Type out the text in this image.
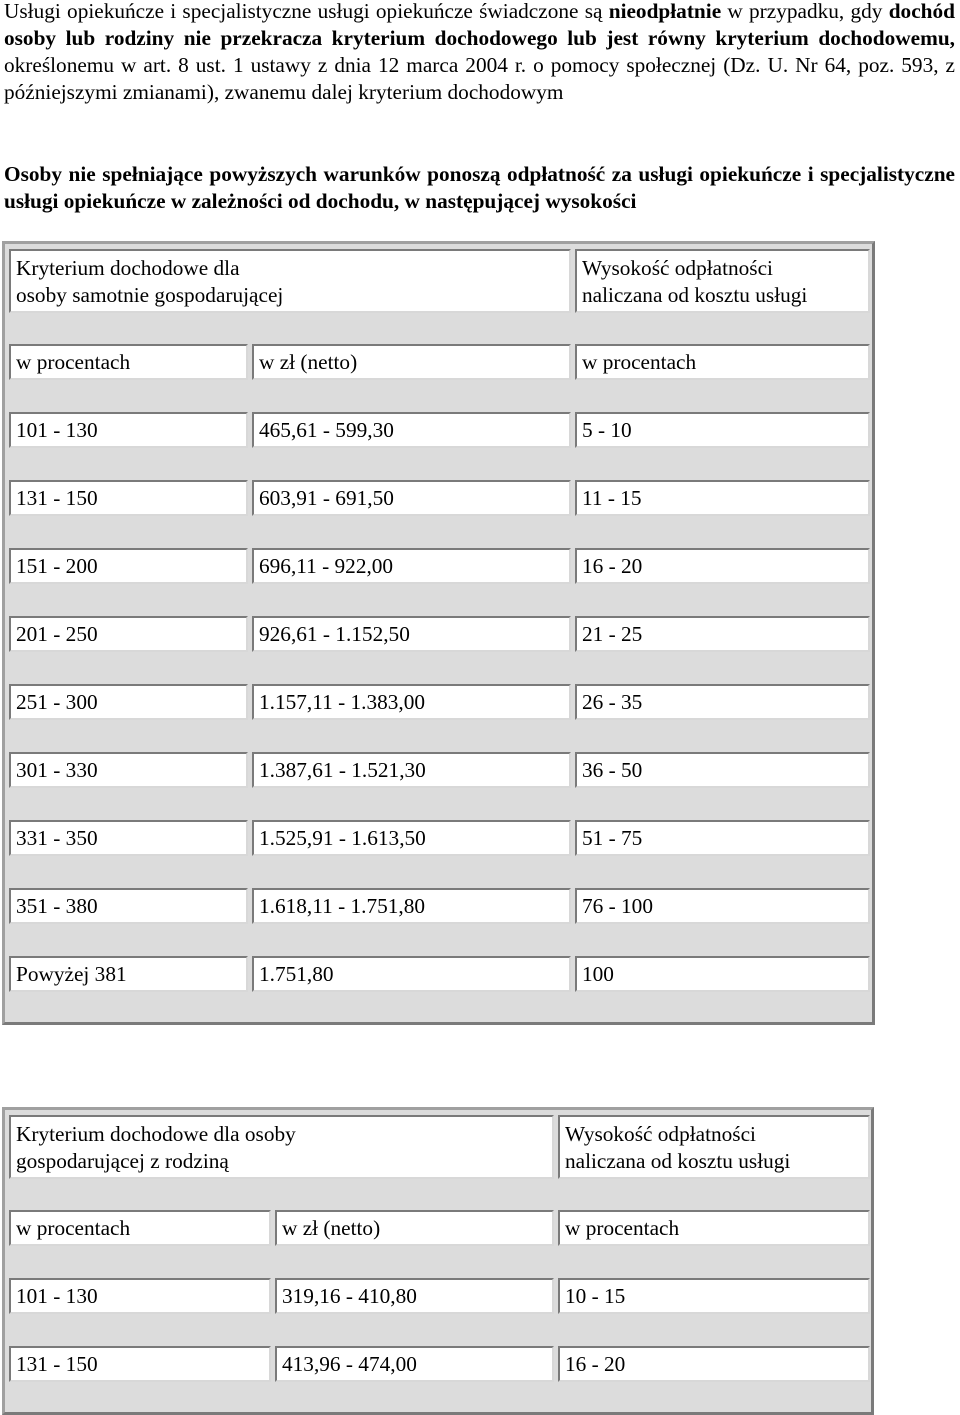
Usługi opiekuńcze i specjalistyczne usługi opiekuńcze świadczone są nieodpłatnie w przypadku, gdy dochód osoby lub rodziny nie przekracza kryterium dochodowego lub jest równy kryterium dochodowemu, określonemu w art. 8 ust. 1 ustawy z dnia 12 marca 2004 r. o pomocy społecznej (Dz. U. Nr 64, poz. 593, z późniejszymi zmianami), zwanemu dalej kryterium dochodowym

Osoby nie spełniające powyższych warunków ponoszą odpłatność za usługi opiekuńcze i specjalistyczne usługi opiekuńcze w zależności od dochodu, w następującej wysokości

Kryterium dochodowe dla
osoby samotnie gospodarującej
Wysokość odpłatności
naliczana od kosztu usługi
w procentach	w zł (netto)	w procentach
101 - 130	465,61 - 599,30	5 - 10
131 - 150	603,91 - 691,50	11 - 15
151 - 200	696,11 - 922,00	16 - 20
201 - 250	926,61 - 1.152,50	21 - 25
251 - 300	1.157,11 - 1.383,00	26 - 35
301 - 330	1.387,61 - 1.521,30	36 - 50
331 - 350	1.525,91 - 1.613,50	51 - 75
351 - 380	1.618,11 - 1.751,80	76 - 100
Powyżej 381	1.751,80	100
Kryterium dochodowe dla osoby
gospodarującej z rodziną
Wysokość odpłatności
naliczana od kosztu usługi
w procentach	w zł (netto)	w procentach
101 - 130	319,16 - 410,80	10 - 15
131 - 150	413,96 - 474,00	16 - 20
